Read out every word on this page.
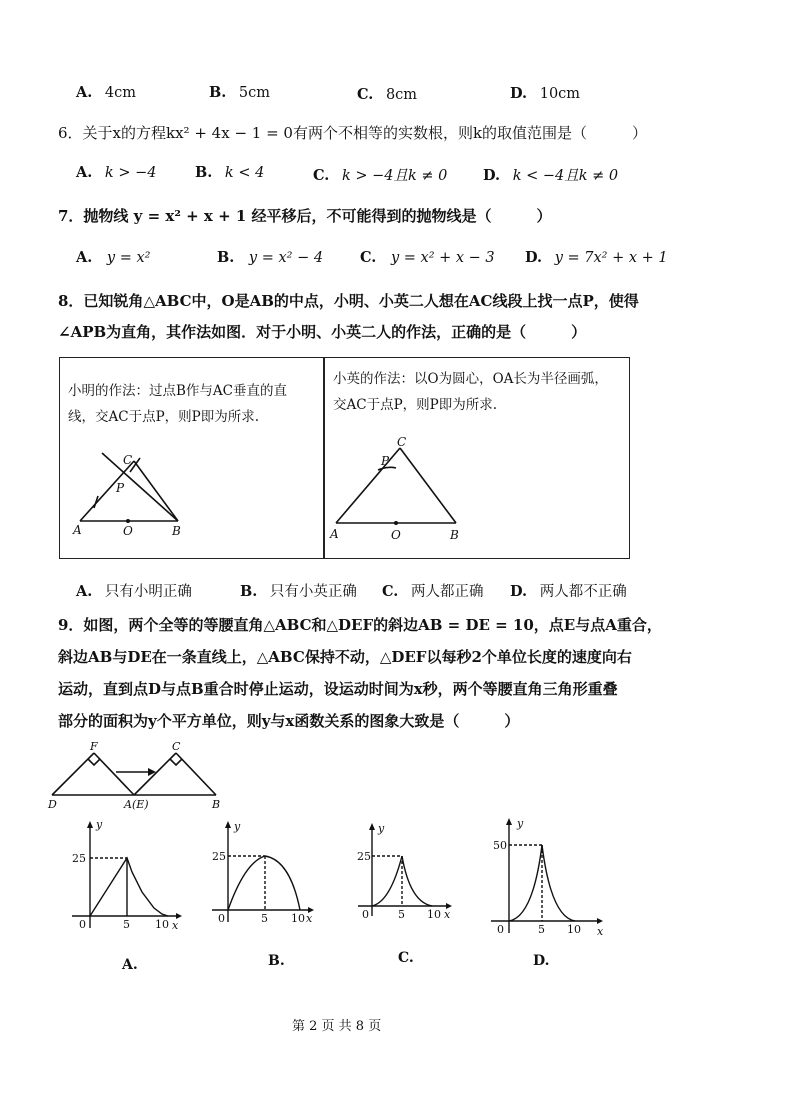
A. 4cm	B. 5cm	C. 8cm	D. 10cm
6．关于x的方程kx² + 4x − 1 = 0有两个不相等的实数根，则k的取值范围是（　　　）
A. k > −4	B. k < 4	C. k > −4且k ≠ 0 D. k < −4且k ≠ 0
7．抛物线 y = x² + x + 1 经平移后，不可能得到的抛物线是（　　　）
A. y = x²	B. y = x² − 4	C. y = x² + x − 3 D. y = 7x² + x + 1
8．已知锐角△ABC中，O是AB的中点，小明、小英二人想在AC线段上找一点P，使得
∠APB为直角，其作法如图．对于小明、小英二人的作法，正确的是（　　　）
小明的作法：过点B作与AC垂直的直
线，交AC于点P，则P即为所求.
小英的作法：以O为圆心，OA长为半径画弧，
交AC于点P，则P即为所求.
A	O	B
C
P
A	O	B
C
P
A. 只有小明正确	B. 只有小英正确 C. 两人都正确 D. 两人都不正确
9．如图，两个全等的等腰直角△ABC和△DEF的斜边AB = DE = 10，点E与点A重合，
斜边AB与DE在一条直线上，△ABC保持不动，△DEF以每秒2个单位长度的速度向右
运动，直到点D与点B重合时停止运动，设运动时间为x秒，两个等腰直角三角形重叠
部分的面积为y个平方单位，则y与x函数关系的图象大致是（　　　）
F	C
D	A(E)	B
y
25
0	5 10 x
A.
y
25
0	5 10 x
B.
y
25
0	5 10 x
C.
y
50
0	5 10 x
D.
第 2 页 共 8 页
